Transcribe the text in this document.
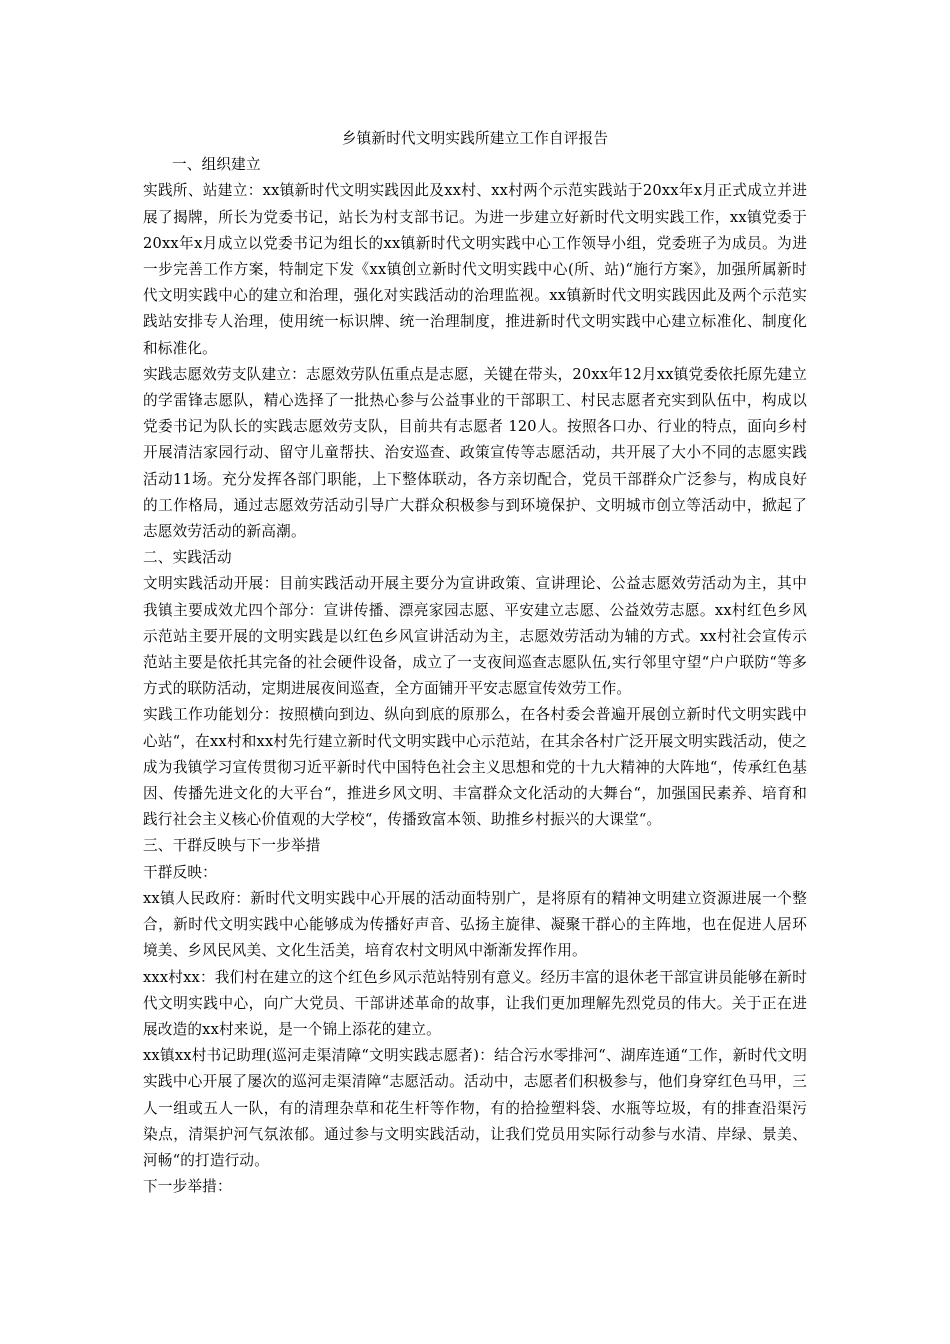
乡镇新时代文明实践所建立工作自评报告

一、组织建立

实践所、站建立：xx镇新时代文明实践因此及xx村、xx村两个示范实践站于20xx年x月正式成立并进展了揭牌，所长为党委书记，站长为村支部书记。为进一步建立好新时代文明实践工作，xx镇党委于20xx年x月成立以党委书记为组长的xx镇新时代文明实践中心工作领导小组，党委班子为成员。为进一步完善工作方案，特制定下发《xx镇创立新时代文明实践中心(所、站)“施行方案》，加强所属新时代文明实践中心的建立和治理，强化对实践活动的治理监视。xx镇新时代文明实践因此及两个示范实践站安排专人治理，使用统一标识牌、统一治理制度，推进新时代文明实践中心建立标准化、制度化和标准化。

实践志愿效劳支队建立：志愿效劳队伍重点是志愿，关键在带头，20xx年12月xx镇党委依托原先建立的学雷锋志愿队，精心选择了一批热心参与公益事业的干部职工、村民志愿者充实到队伍中，构成以党委书记为队长的实践志愿效劳支队，目前共有志愿者 120人。按照各口办、行业的特点，面向乡村开展清洁家园行动、留守儿童帮扶、治安巡查、政策宣传等志愿活动，共开展了大小不同的志愿实践活动11场。充分发挥各部门职能，上下整体联动，各方亲切配合，党员干部群众广泛参与，构成良好的工作格局，通过志愿效劳活动引导广大群众积极参与到环境保护、文明城市创立等活动中，掀起了志愿效劳活动的新高潮。

二、实践活动

文明实践活动开展：目前实践活动开展主要分为宣讲政策、宣讲理论、公益志愿效劳活动为主，其中我镇主要成效尤四个部分：宣讲传播、漂亮家园志愿、平安建立志愿、公益效劳志愿。xx村红色乡风示范站主要开展的文明实践是以红色乡风宣讲活动为主，志愿效劳活动为辅的方式。xx村社会宣传示范站主要是依托其完备的社会硬件设备，成立了一支夜间巡查志愿队伍,实行邻里守望“户户联防“等多方式的联防活动，定期进展夜间巡查，全方面铺开平安志愿宣传效劳工作。

实践工作功能划分：按照横向到边、纵向到底的原那么，在各村委会普遍开展创立新时代文明实践中心站“，在xx村和xx村先行建立新时代文明实践中心示范站，在其余各村广泛开展文明实践活动，使之成为我镇学习宣传贯彻习近平新时代中国特色社会主义思想和党的十九大精神的大阵地“，传承红色基因、传播先进文化的大平台“，推进乡风文明、丰富群众文化活动的大舞台“，加强国民素养、培育和践行社会主义核心价值观的大学校“，传播致富本领、助推乡村振兴的大课堂“。

三、干群反映与下一步举措

干群反映：

xx镇人民政府：新时代文明实践中心开展的活动面特别广，是将原有的精神文明建立资源进展一个整合，新时代文明实践中心能够成为传播好声音、弘扬主旋律、凝聚干群心的主阵地，也在促进人居环境美、乡风民风美、文化生活美，培育农村文明风中渐渐发挥作用。

xxx村xx：我们村在建立的这个红色乡风示范站特别有意义。经历丰富的退休老干部宣讲员能够在新时代文明实践中心，向广大党员、干部讲述革命的故事，让我们更加理解先烈党员的伟大。关于正在进展改造的xx村来说，是一个锦上添花的建立。

xx镇xx村书记助理(巡河走渠清障“文明实践志愿者)：结合污水零排河“、湖库连通“工作，新时代文明实践中心开展了屡次的巡河走渠清障“志愿活动。活动中，志愿者们积极参与，他们身穿红色马甲，三人一组或五人一队，有的清理杂草和花生杆等作物，有的拾捡塑料袋、水瓶等垃圾，有的排查沿渠污染点，清渠护河气氛浓郁。通过参与文明实践活动，让我们党员用实际行动参与水清、岸绿、景美、河畅“的打造行动。

下一步举措：
